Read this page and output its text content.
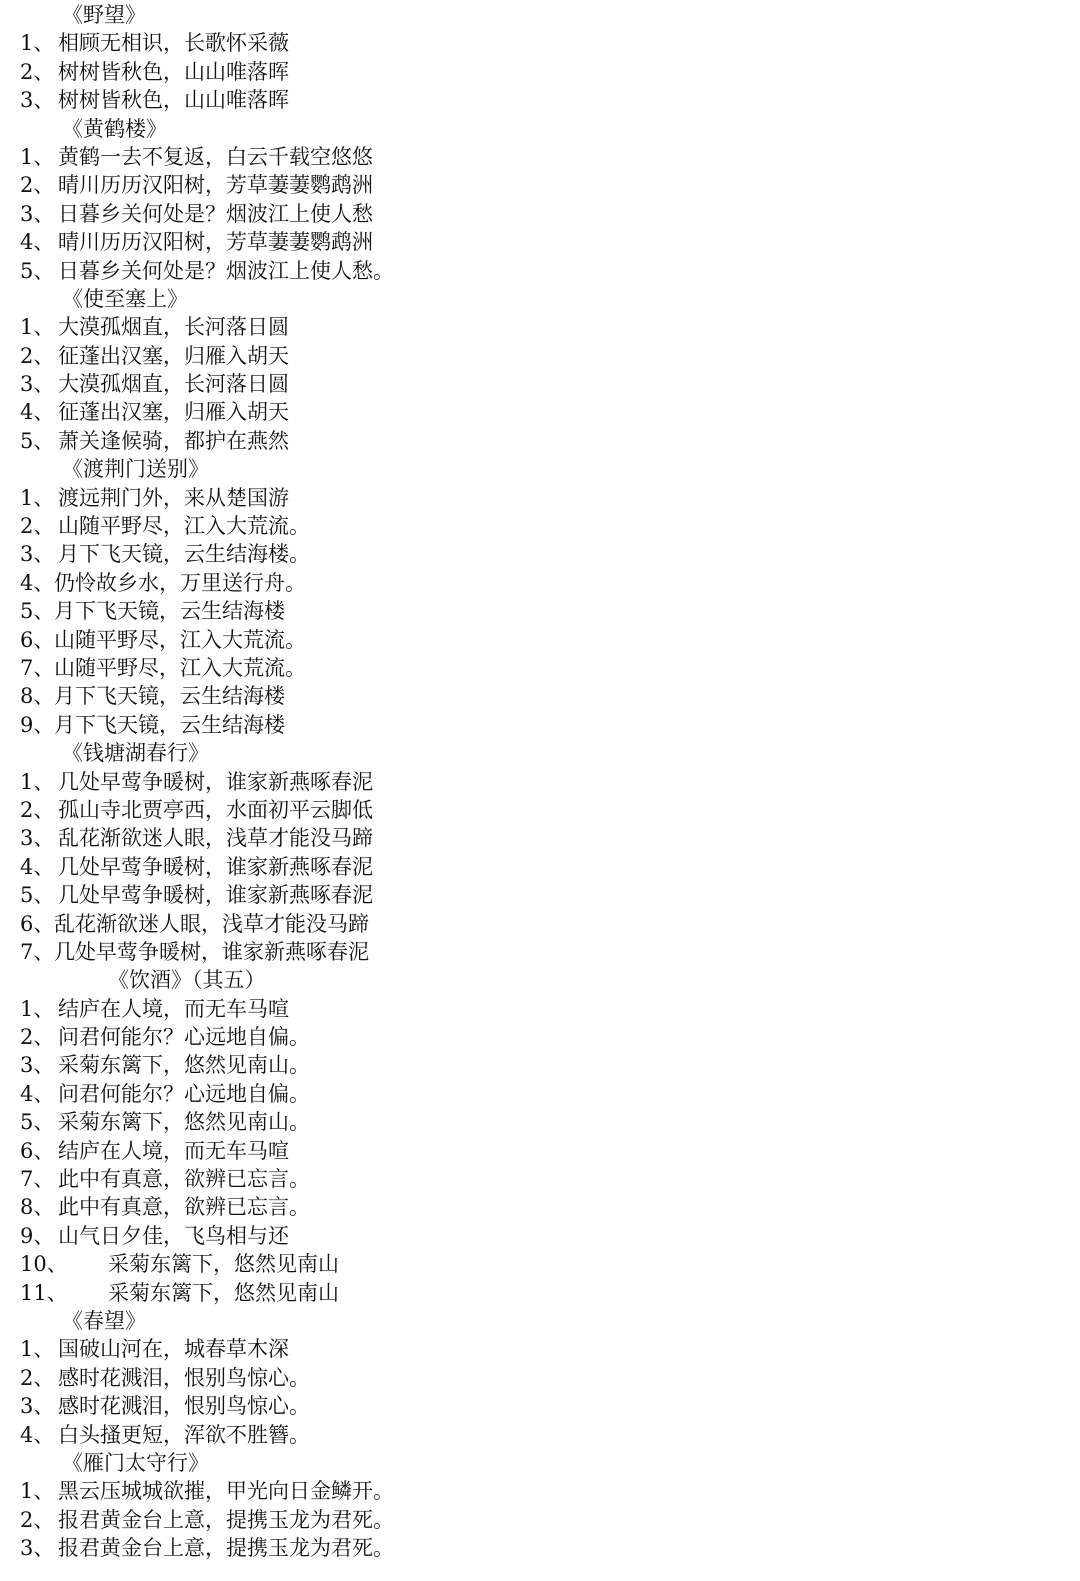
《野望》
1、 相顾无相识，长歌怀采薇
2、 树树皆秋色，山山唯落晖
3、 树树皆秋色，山山唯落晖
《黄鹤楼》
1、 黄鹤一去不复返，白云千载空悠悠
2、 晴川历历汉阳树，芳草萋萋鹦鹉洲
3、 日暮乡关何处是？烟波江上使人愁
4、 晴川历历汉阳树，芳草萋萋鹦鹉洲
5、 日暮乡关何处是？烟波江上使人愁。
《使至塞上》
1、 大漠孤烟直，长河落日圆
2、 征蓬出汉塞，归雁入胡天
3、 大漠孤烟直，长河落日圆
4、 征蓬出汉塞，归雁入胡天
5、 萧关逢候骑，都护在燕然
《渡荆门送别》
1、 渡远荆门外，来从楚国游
2、 山随平野尽，江入大荒流。
3、 月下飞天镜，云生结海楼。
4、 仍怜故乡水，万里送行舟。
5、 月下飞天镜，云生结海楼
6、 山随平野尽，江入大荒流。
7、 山随平野尽，江入大荒流。
8、 月下飞天镜，云生结海楼
9、 月下飞天镜，云生结海楼
《钱塘湖春行》
1、 几处早莺争暖树，谁家新燕啄春泥
2、 孤山寺北贾亭西，水面初平云脚低
3、 乱花渐欲迷人眼，浅草才能没马蹄
4、 几处早莺争暖树，谁家新燕啄春泥
5、 几处早莺争暖树，谁家新燕啄春泥
6、 乱花渐欲迷人眼，浅草才能没马蹄
7、 几处早莺争暖树，谁家新燕啄春泥
《饮酒》（其五）
1、 结庐在人境，而无车马喧
2、 问君何能尔？心远地自偏。
3、 采菊东篱下，悠然见南山。
4、 问君何能尔？心远地自偏。
5、 采菊东篱下，悠然见南山。
6、 结庐在人境，而无车马喧
7、 此中有真意，欲辨已忘言。
8、 此中有真意，欲辨已忘言。
9、 山气日夕佳，飞鸟相与还
10、 采菊东篱下，悠然见南山
11、 采菊东篱下，悠然见南山
《春望》
1、 国破山河在，城春草木深
2、 感时花溅泪，恨别鸟惊心。
3、 感时花溅泪，恨别鸟惊心。
4、 白头搔更短，浑欲不胜簪。
《雁门太守行》
1、 黑云压城城欲摧，甲光向日金鳞开。
2、 报君黄金台上意，提携玉龙为君死。
3、 报君黄金台上意，提携玉龙为君死。
